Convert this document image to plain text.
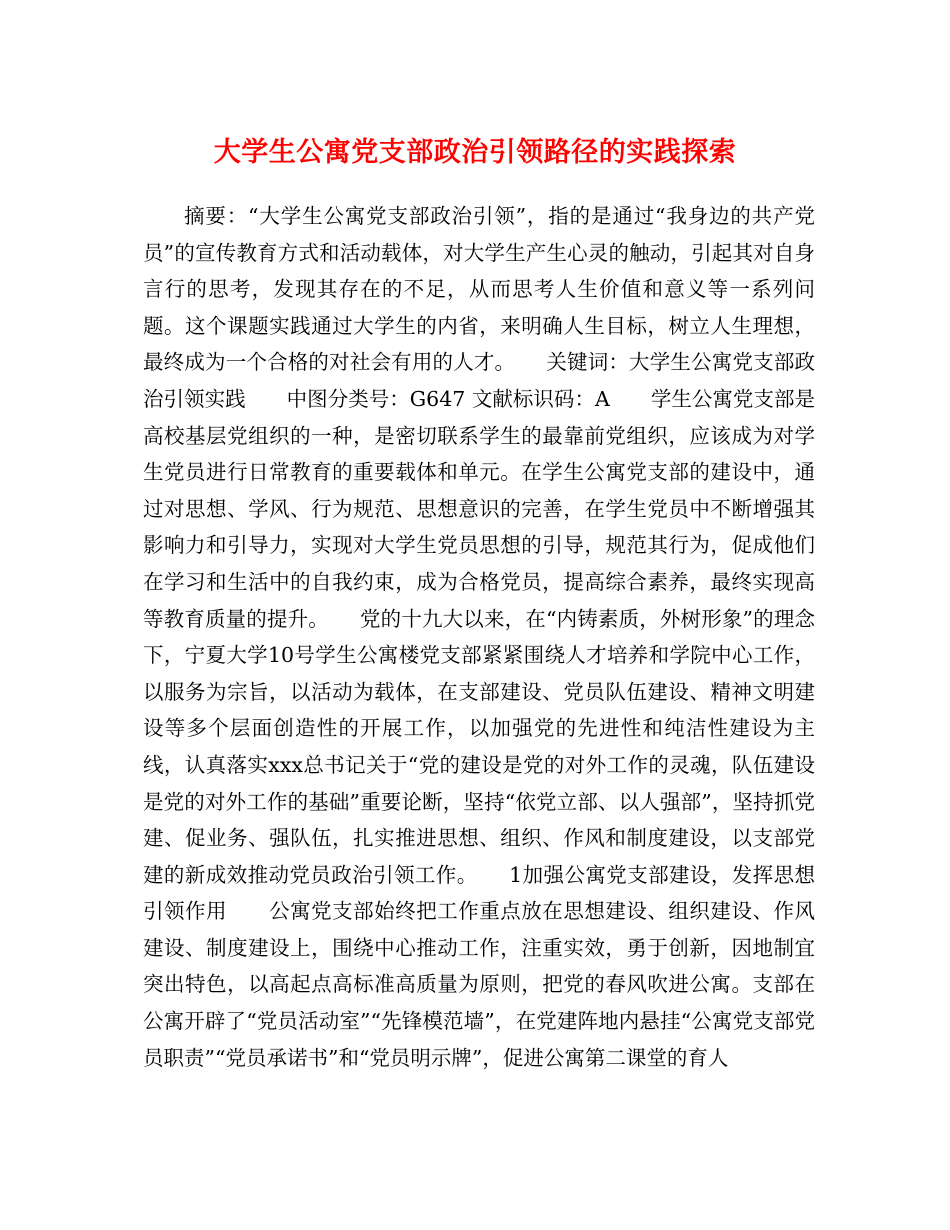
大学生公寓党支部政治引领路径的实践探索

摘要：“大学生公寓党支部政治引领”，指的是通过“我身边的共产党员”的宣传教育方式和活动载体，对大学生产生心灵的触动，引起其对自身言行的思考，发现其存在的不足，从而思考人生价值和意义等一系列问题。这个课题实践通过大学生的内省，来明确人生目标，树立人生理想，最终成为一个合格的对社会有用的人才。　　关键词：大学生公寓党支部政治引领实践　　中图分类号：G647 文献标识码：A　　学生公寓党支部是高校基层党组织的一种，是密切联系学生的最靠前党组织，应该成为对学生党员进行日常教育的重要载体和单元。在学生公寓党支部的建设中，通过对思想、学风、行为规范、思想意识的完善，在学生党员中不断增强其影响力和引导力，实现对大学生党员思想的引导，规范其行为，促成他们在学习和生活中的自我约束，成为合格党员，提高综合素养，最终实现高等教育质量的提升。　　党的十九大以来，在“内铸素质，外树形象”的理念下，宁夏大学10号学生公寓楼党支部紧紧围绕人才培养和学院中心工作，以服务为宗旨，以活动为载体，在支部建设、党员队伍建设、精神文明建设等多个层面创造性的开展工作，以加强党的先进性和纯洁性建设为主线，认真落实xxx总书记关于“党的建设是党的对外工作的灵魂，队伍建设是党的对外工作的基础”重要论断，坚持“依党立部、以人强部”，坚持抓党建、促业务、强队伍，扎实推进思想、组织、作风和制度建设，以支部党建的新成效推动党员政治引领工作。　　1加强公寓党支部建设，发挥思想引领作用　　公寓党支部始终把工作重点放在思想建设、组织建设、作风建设、制度建设上，围绕中心推动工作，注重实效，勇于创新，因地制宜突出特色，以高起点高标准高质量为原则，把党的春风吹进公寓。支部在公寓开辟了“党员活动室”“先锋模范墙”，在党建阵地内悬挂“公寓党支部党员职责”“党员承诺书”和“党员明示牌”，促进公寓第二课堂的育人
